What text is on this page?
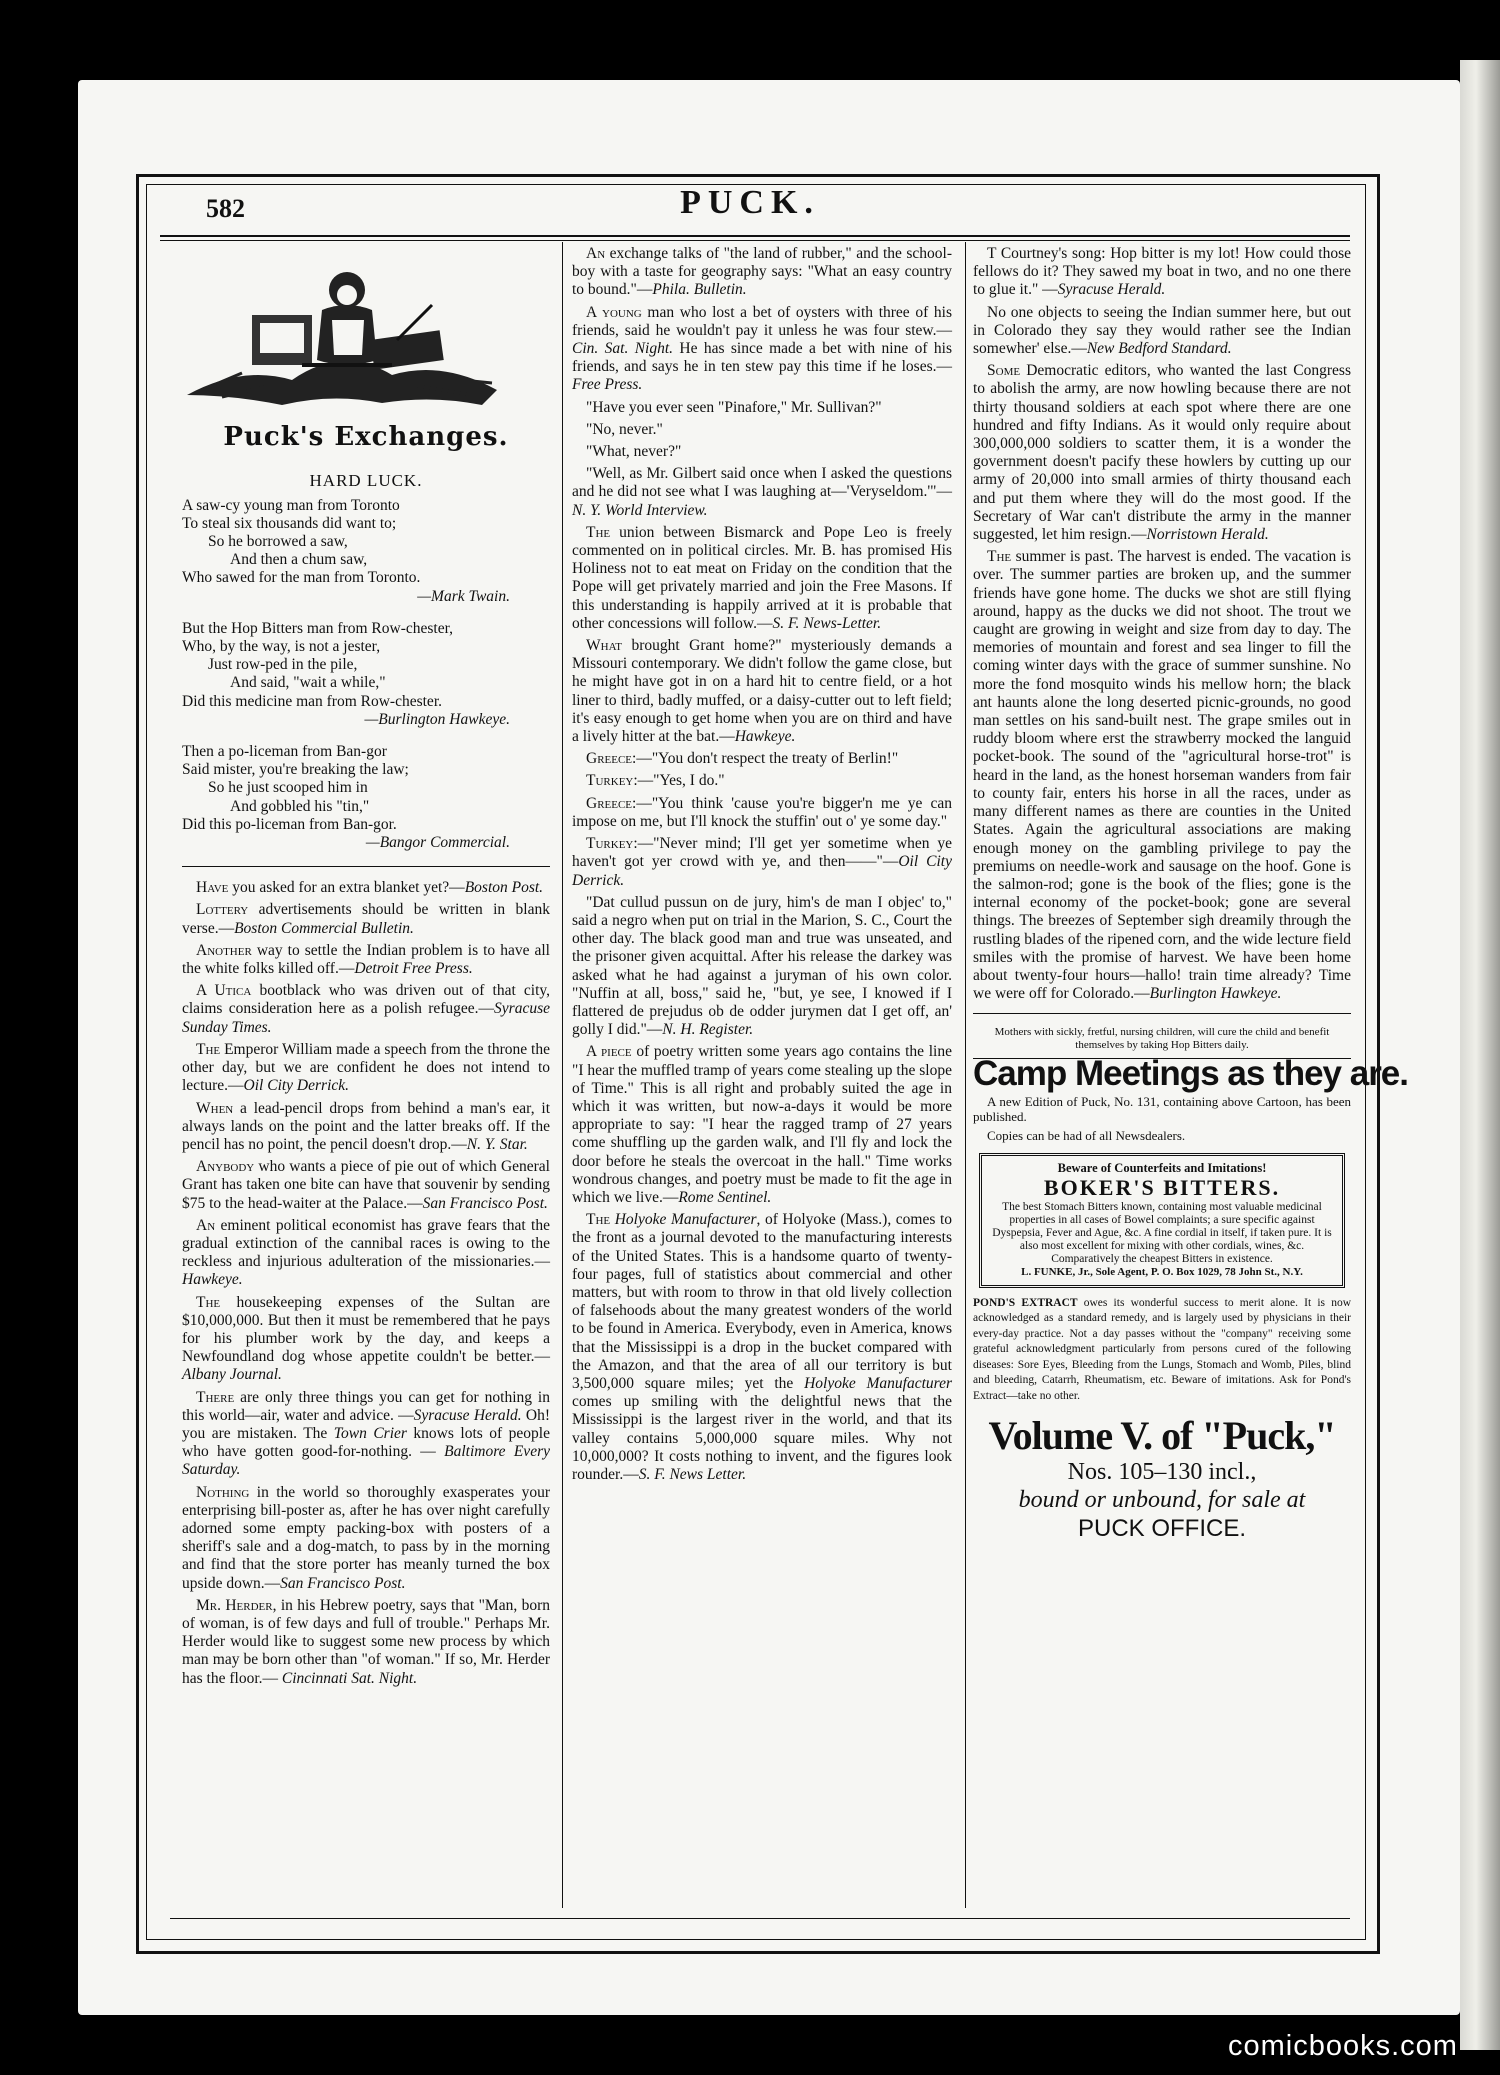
582	PUCK.
Puck's Exchanges.
HARD LUCK.
A saw-cy young man from Toronto
To steal six thousands did want to;
So he borrowed a saw,
And then a chum saw,
Who sawed for the man from Toronto.
—Mark Twain.
But the Hop Bitters man from Row-chester,
Who, by the way, is not a jester,
Just row-ped in the pile,
And said, "wait a while,"
Did this medicine man from Row-chester.
—Burlington Hawkeye.
Then a po-liceman from Ban-gor
Said mister, you're breaking the law;
So he just scooped him in
And gobbled his "tin,"
Did this po-liceman from Ban-gor.
—Bangor Commercial.

Have you asked for an extra blanket yet?—Boston Post.

Lottery advertisements should be written in blank verse.—Boston Commercial Bulletin.

Another way to settle the Indian problem is to have all the white folks killed off.—Detroit Free Press.

A Utica bootblack who was driven out of that city, claims consideration here as a polish refugee.—Syracuse Sunday Times.

The Emperor William made a speech from the throne the other day, but we are confident he does not intend to lecture.—Oil City Derrick.

When a lead-pencil drops from behind a man's ear, it always lands on the point and the latter breaks off. If the pencil has no point, the pencil doesn't drop.—N. Y. Star.

Anybody who wants a piece of pie out of which General Grant has taken one bite can have that souvenir by sending $75 to the head-waiter at the Palace.—San Francisco Post.

An eminent political economist has grave fears that the gradual extinction of the cannibal races is owing to the reckless and injurious adulteration of the missionaries.—Hawkeye.

The housekeeping expenses of the Sultan are $10,000,000. But then it must be remembered that he pays for his plumber work by the day, and keeps a Newfoundland dog whose appetite couldn't be better.—Albany Journal.

There are only three things you can get for nothing in this world—air, water and advice. —Syracuse Herald. Oh! you are mistaken. The Town Crier knows lots of people who have gotten good-for-nothing. — Baltimore Every Saturday.

Nothing in the world so thoroughly exasperates your enterprising bill-poster as, after he has over night carefully adorned some empty packing-box with posters of a sheriff's sale and a dog-match, to pass by in the morning and find that the store porter has meanly turned the box upside down.—San Francisco Post.

Mr. Herder, in his Hebrew poetry, says that "Man, born of woman, is of few days and full of trouble." Perhaps Mr. Herder would like to suggest some new process by which man may be born other than "of woman." If so, Mr. Herder has the floor.— Cincinnati Sat. Night.

An exchange talks of "the land of rubber," and the school-boy with a taste for geography says: "What an easy country to bound."—Phila. Bulletin.

A young man who lost a bet of oysters with three of his friends, said he wouldn't pay it unless he was four stew.—Cin. Sat. Night. He has since made a bet with nine of his friends, and says he in ten stew pay this time if he loses.—Free Press.

"Have you ever seen "Pinafore," Mr. Sullivan?"

"No, never."

"What, never?"

"Well, as Mr. Gilbert said once when I asked the questions and he did not see what I was laughing at—'Veryseldom.'"—N. Y. World Interview.

The union between Bismarck and Pope Leo is freely commented on in political circles. Mr. B. has promised His Holiness not to eat meat on Friday on the condition that the Pope will get privately married and join the Free Masons. If this understanding is happily arrived at it is probable that other concessions will follow.—S. F. News-Letter.

What brought Grant home?" mysteriously demands a Missouri contemporary. We didn't follow the game close, but he might have got in on a hard hit to centre field, or a hot liner to third, badly muffed, or a daisy-cutter out to left field; it's easy enough to get home when you are on third and have a lively hitter at the bat.—Hawkeye.

Greece:—"You don't respect the treaty of Berlin!"

Turkey:—"Yes, I do."

Greece:—"You think 'cause you're bigger'n me ye can impose on me, but I'll knock the stuffin' out o' ye some day."

Turkey:—"Never mind; I'll get yer sometime when ye haven't got yer crowd with ye, and then——"—Oil City Derrick.

"Dat cullud pussun on de jury, him's de man I objec' to," said a negro when put on trial in the Marion, S. C., Court the other day. The black good man and true was unseated, and the prisoner given acquittal. After his release the darkey was asked what he had against a juryman of his own color. "Nuffin at all, boss," said he, "but, ye see, I knowed if I flattered de prejudus ob de odder jurymen dat I get off, an' golly I did."—N. H. Register.

A piece of poetry written some years ago contains the line "I hear the muffled tramp of years come stealing up the slope of Time." This is all right and probably suited the age in which it was written, but now-a-days it would be more appropriate to say: "I hear the ragged tramp of 27 years come shuffling up the garden walk, and I'll fly and lock the door before he steals the overcoat in the hall." Time works wondrous changes, and poetry must be made to fit the age in which we live.—Rome Sentinel.

The Holyoke Manufacturer, of Holyoke (Mass.), comes to the front as a journal devoted to the manufacturing interests of the United States. This is a handsome quarto of twenty-four pages, full of statistics about commercial and other matters, but with room to throw in that old lively collection of falsehoods about the many greatest wonders of the world to be found in America. Everybody, even in America, knows that the Mississippi is a drop in the bucket compared with the Amazon, and that the area of all our territory is but 3,500,000 square miles; yet the Holyoke Manufacturer comes up smiling with the delightful news that the Mississippi is the largest river in the world, and that its valley contains 5,000,000 square miles. Why not 10,000,000? It costs nothing to invent, and the figures look rounder.—S. F. News Letter.

T Courtney's song: Hop bitter is my lot! How could those fellows do it? They sawed my boat in two, and no one there to glue it." —Syracuse Herald.

No one objects to seeing the Indian summer here, but out in Colorado they say they would rather see the Indian somewher' else.—New Bedford Standard.

Some Democratic editors, who wanted the last Congress to abolish the army, are now howling because there are not thirty thousand soldiers at each spot where there are one hundred and fifty Indians. As it would only require about 300,000,000 soldiers to scatter them, it is a wonder the government doesn't pacify these howlers by cutting up our army of 20,000 into small armies of thirty thousand each and put them where they will do the most good. If the Secretary of War can't distribute the army in the manner suggested, let him resign.—Norristown Herald.

The summer is past. The harvest is ended. The vacation is over. The summer parties are broken up, and the summer friends have gone home. The ducks we shot are still flying around, happy as the ducks we did not shoot. The trout we caught are growing in weight and size from day to day. The memories of mountain and forest and sea linger to fill the coming winter days with the grace of summer sunshine. No more the fond mosquito winds his mellow horn; the black ant haunts alone the long deserted picnic-grounds, no good man settles on his sand-built nest. The grape smiles out in ruddy bloom where erst the strawberry mocked the languid pocket-book. The sound of the "agricultural horse-trot" is heard in the land, as the honest horseman wanders from fair to county fair, enters his horse in all the races, under as many different names as there are counties in the United States. Again the agricultural associations are making enough money on the gambling privilege to pay the premiums on needle-work and sausage on the hoof. Gone is the salmon-rod; gone is the book of the flies; gone is the internal economy of the pocket-book; gone are several things. The breezes of September sigh dreamily through the rustling blades of the ripened corn, and the wide lecture field smiles with the promise of harvest. We have been home about twenty-four hours—hallo! train time already? Time we were off for Colorado.—Burlington Hawkeye.

Mothers with sickly, fretful, nursing children, will cure the child and benefit themselves by taking Hop Bitters daily.
Camp Meetings as they are.

A new Edition of Puck, No. 131, containing above Cartoon, has been published.

Copies can be had of all Newsdealers.

Beware of Counterfeits and Imitations!
BOKER'S BITTERS.
The best Stomach Bitters known, containing most valuable medicinal properties in all cases of Bowel complaints; a sure specific against Dyspepsia, Fever and Ague, &c. A fine cordial in itself, if taken pure. It is also most excellent for mixing with other cordials, wines, &c. Comparatively the cheapest Bitters in existence.
L. FUNKE, Jr., Sole Agent, P. O. Box 1029, 78 John St., N.Y.
POND'S EXTRACT owes its wonderful success to merit alone. It is now acknowledged as a standard remedy, and is largely used by physicians in their every-day practice. Not a day passes without the "company" receiving some grateful acknowledgment particularly from persons cured of the following diseases: Sore Eyes, Bleeding from the Lungs, Stomach and Womb, Piles, blind and bleeding, Catarrh, Rheumatism, etc. Beware of imitations. Ask for Pond's Extract—take no other.
Volume V. of "Puck,"
Nos. 105–130 incl.,
bound or unbound, for sale at
PUCK OFFICE.
comicbooks.com
